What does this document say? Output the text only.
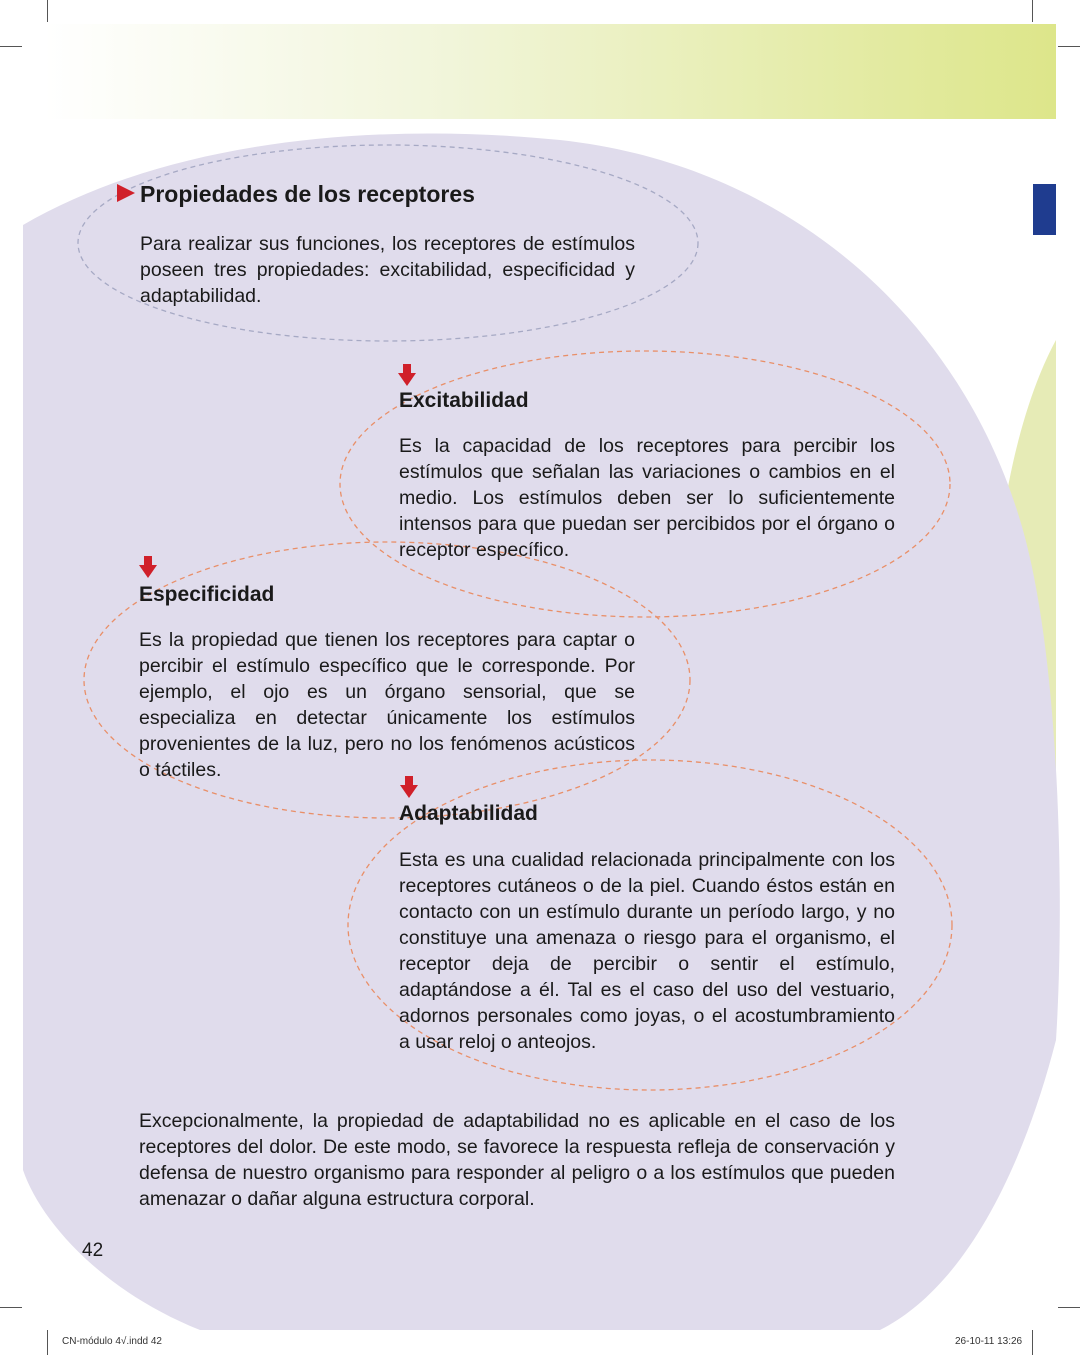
Propiedades de los receptores

Para realizar sus funciones, los receptores de estímulos poseen tres propiedades: excitabilidad, especificidad y adaptabilidad.

Excitabilidad

Es la capacidad de los receptores para percibir los estímulos que señalan las variaciones o cambios en el medio. Los estímulos deben ser lo suficientemente intensos para que puedan ser percibidos por el órgano o receptor específico.

Especificidad

Es la propiedad que tienen los receptores para captar o percibir el estímulo específico que le corresponde. Por ejemplo, el ojo es un órgano sensorial, que se especializa en detectar únicamente los estímulos provenientes de la luz, pero no los fenómenos acústicos o táctiles.

Adaptabilidad

Esta es una cualidad relacionada principalmente con los receptores cutáneos o de la piel. Cuando éstos están en contacto con un estímulo durante un período largo, y no constituye una amenaza o riesgo para el organismo, el receptor deja de percibir o sentir el estímulo, adaptándose a él. Tal es el caso del uso del vestuario, adornos personales como joyas, o el acostumbramiento a usar reloj o anteojos.

Excepcionalmente, la propiedad de adaptabilidad no es aplicable en el caso de los receptores del dolor. De este modo, se favorece la respuesta refleja de conservación y defensa de nuestro organismo para responder al peligro o a los estímulos que pueden amenazar o dañar alguna estructura corporal.

42
CN-módulo 4√.indd 42	26-10-11 13:26
